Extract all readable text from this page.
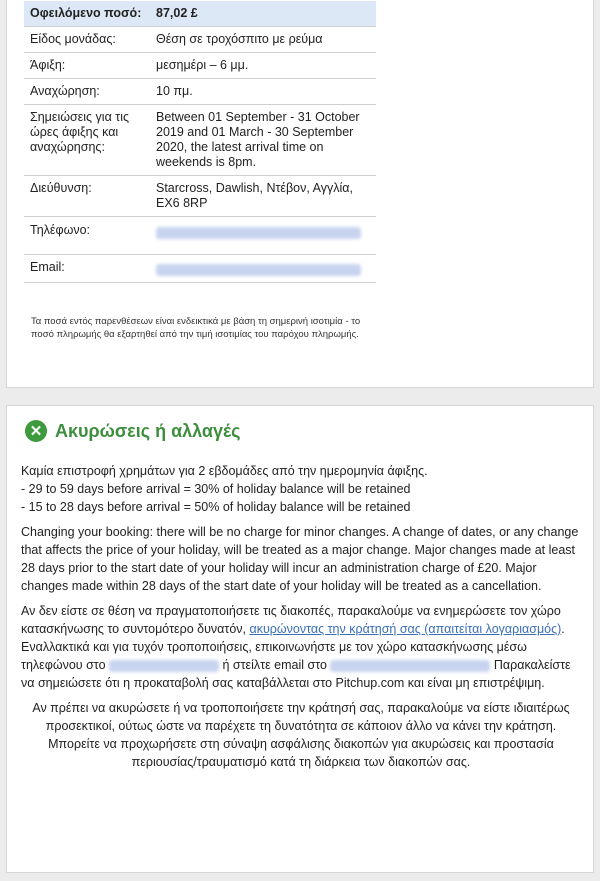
Οφειλόμενο ποσό:	87,02 £
Είδος μονάδας:	Θέση σε τροχόσπιτο με ρεύμα
Άφιξη:	μεσημέρι – 6 μμ.
Αναχώρηση:	10 πμ.
Σημειώσεις για τις ώρες άφιξης και αναχώρησης:	Between 01 September - 31 October 2019 and 01 March - 30 September 2020, the latest arrival time on weekends is 8pm.
Διεύθυνση:	Starcross, Dawlish, Ντέβον, Αγγλία, EX6 8RP
Τηλέφωνο:	
Email:	
Τα ποσά εντός παρενθέσεων είναι ενδεικτικά με βάση τη σημερινή ισοτιμία - το ποσό πληρωμής θα εξαρτηθεί από την τιμή ισοτιμίας του παρόχου πληρωμής.
✕ Ακυρώσεις ή αλλαγές

Καμία επιστροφή χρημάτων για 2 εβδομάδες από την ημερομηνία άφιξης.
- 29 to 59 days before arrival = 30% of holiday balance will be retained
- 15 to 28 days before arrival = 50% of holiday balance will be retained

Changing your booking: there will be no charge for minor changes. A change of dates, or any change that affects the price of your holiday, will be treated as a major change. Major changes made at least 28 days prior to the start date of your holiday will incur an administration charge of £20. Major changes made within 28 days of the start date of your holiday will be treated as a cancellation.

Αν δεν είστε σε θέση να πραγματοποιήσετε τις διακοπές, παρακαλούμε να ενημερώσετε τον χώρο κατασκήνωσης το συντομότερο δυνατόν, ακυρώνοντας την κράτησή σας (απαιτείται λογαριασμός). Εναλλακτικά και για τυχόν τροποποιήσεις, επικοινωνήστε με τον χώρο κατασκήνωσης μέσω τηλεφώνου στο	ή στείλτε email στο	Παρακαλείστε να σημειώσετε ότι η προκαταβολή σας καταβάλλεται στο Pitchup.com και είναι μη επιστρέψιμη.

Αν πρέπει να ακυρώσετε ή να τροποποιήσετε την κράτησή σας, παρακαλούμε να είστε ιδιαιτέρως προσεκτικοί, ούτως ώστε να παρέχετε τη δυνατότητα σε κάποιον άλλο να κάνει την κράτηση. Μπορείτε να προχωρήσετε στη σύναψη ασφάλισης διακοπών για ακυρώσεις και προστασία περιουσίας/τραυματισμό κατά τη διάρκεια των διακοπών σας.
